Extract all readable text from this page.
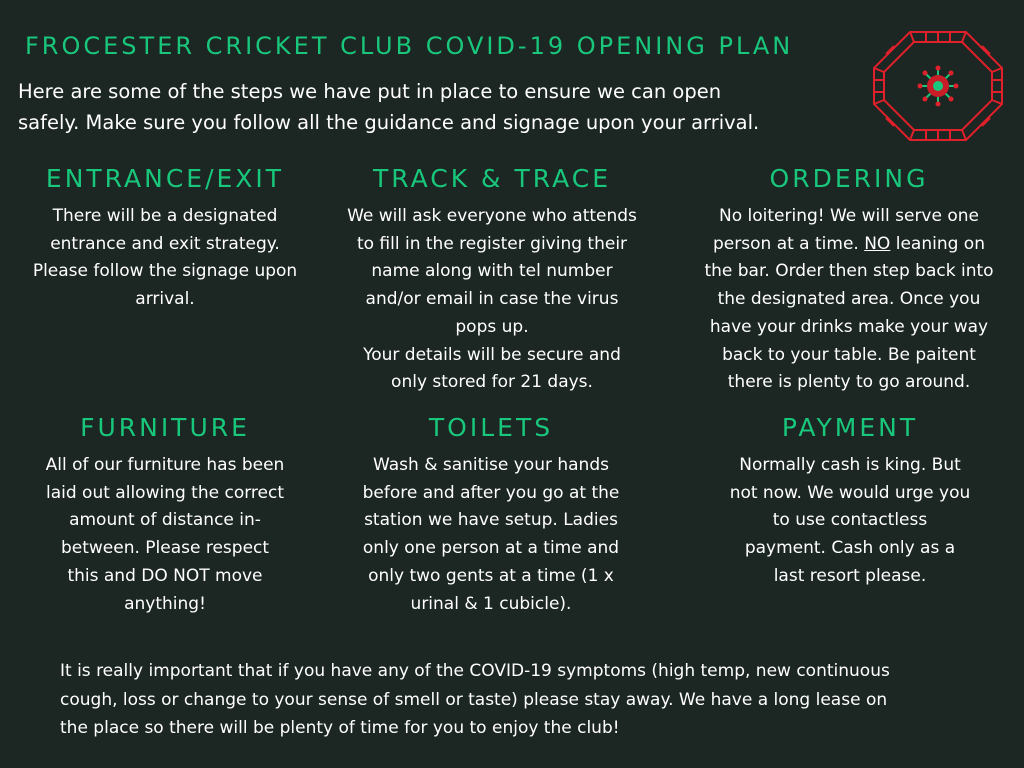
FROCESTER CRICKET CLUB COVID-19 OPENING PLAN
Here are some of the steps we have put in place to ensure we can open
safely. Make sure you follow all the guidance and signage upon your arrival.
ENTRANCE/EXIT

There will be a designated
entrance and exit strategy.
Please follow the signage upon
arrival.

TRACK & TRACE

We will ask everyone who attends
to fill in the register giving their
name along with tel number
and/or email in case the virus
pops up.
Your details will be secure and
only stored for 21 days.

ORDERING

No loitering! We will serve one
person at a time. NO leaning on
the bar. Order then step back into
the designated area. Once you
have your drinks make your way
back to your table. Be paitent
there is plenty to go around.

FURNITURE

All of our furniture has been
laid out allowing the correct
amount of distance in-
between. Please respect
this and DO NOT move
anything!

TOILETS

Wash & sanitise your hands
before and after you go at the
station we have setup. Ladies
only one person at a time and
only two gents at a time (1 x
urinal & 1 cubicle).

PAYMENT

Normally cash is king. But
not now. We would urge you
to use contactless
payment. Cash only as a
last resort please.

It is really important that if you have any of the COVID-19 symptoms (high temp, new continuous
cough, loss or change to your sense of smell or taste) please stay away. We have a long lease on
the place so there will be plenty of time for you to enjoy the club!
